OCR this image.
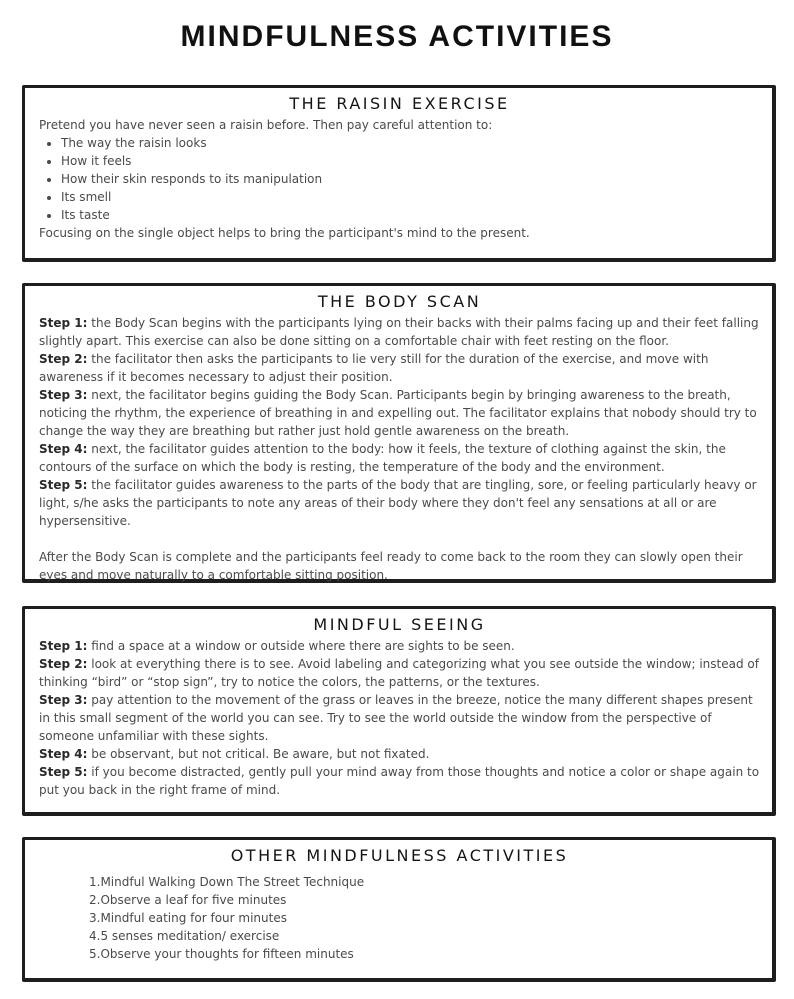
MINDFULNESS ACTIVITIES
THE RAISIN EXERCISE

Pretend you have never seen a raisin before. Then pay careful attention to:

• The way the raisin looks
• How it feels
• How their skin responds to its manipulation
• Its smell
• Its taste

Focusing on the single object helps to bring the participant's mind to the present.

THE BODY SCAN

Step 1: the Body Scan begins with the participants lying on their backs with their palms facing up and their feet falling slightly apart. This exercise can also be done sitting on a comfortable chair with feet resting on the floor.

Step 2: the facilitator then asks the participants to lie very still for the duration of the exercise, and move with awareness if it becomes necessary to adjust their position.

Step 3: next, the facilitator begins guiding the Body Scan. Participants begin by bringing awareness to the breath, noticing the rhythm, the experience of breathing in and expelling out. The facilitator explains that nobody should try to change the way they are breathing but rather just hold gentle awareness on the breath.

Step 4: next, the facilitator guides attention to the body: how it feels, the texture of clothing against the skin, the contours of the surface on which the body is resting, the temperature of the body and the environment.

Step 5: the facilitator guides awareness to the parts of the body that are tingling, sore, or feeling particularly heavy or light, s/he asks the participants to note any areas of their body where they don't feel any sensations at all or are hypersensitive.

After the Body Scan is complete and the participants feel ready to come back to the room they can slowly open their eyes and move naturally to a comfortable sitting position.

MINDFUL SEEING

Step 1: find a space at a window or outside where there are sights to be seen.

Step 2: look at everything there is to see. Avoid labeling and categorizing what you see outside the window; instead of thinking “bird” or “stop sign”, try to notice the colors, the patterns, or the textures.

Step 3: pay attention to the movement of the grass or leaves in the breeze, notice the many different shapes present in this small segment of the world you can see. Try to see the world outside the window from the perspective of someone unfamiliar with these sights.

Step 4: be observant, but not critical. Be aware, but not fixated.

Step 5: if you become distracted, gently pull your mind away from those thoughts and notice a color or shape again to put you back in the right frame of mind.

OTHER MINDFULNESS ACTIVITIES
1.Mindful Walking Down The Street Technique
2.Observe a leaf for five minutes
3.Mindful eating for four minutes
4.5 senses meditation/ exercise
5.Observe your thoughts for fifteen minutes
